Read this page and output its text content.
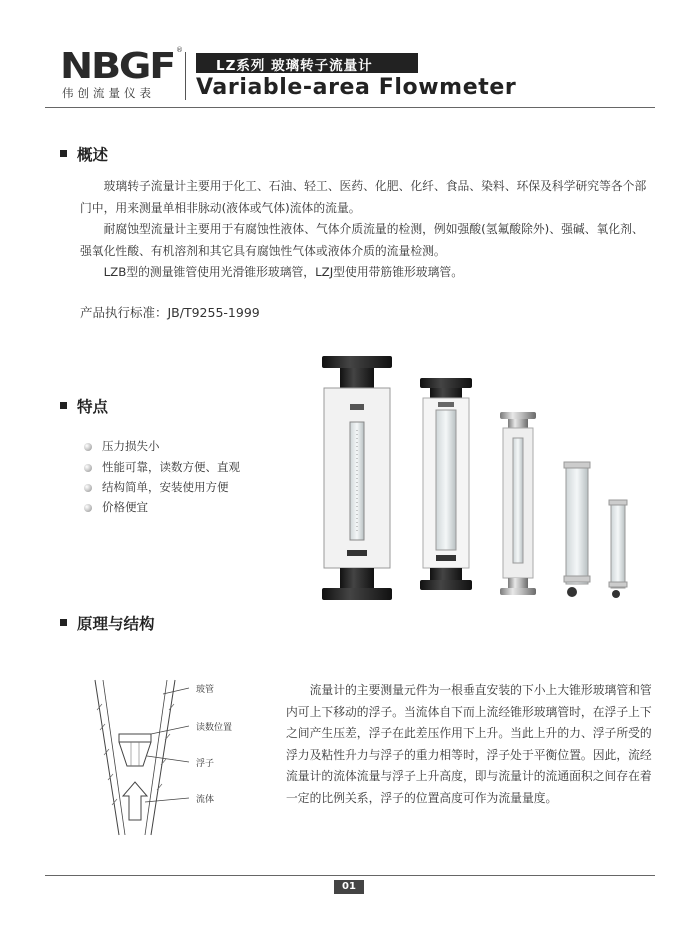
NBGF ®
伟创流量仪表
LZ系列 玻璃转子流量计
Variable-area Flowmeter
概述
玻璃转子流量计主要用于化工、石油、轻工、医药、化肥、化纤、食品、染料、环保及科学研究等各个部门中，用来测量单相非脉动(液体或气体)流体的流量。
耐腐蚀型流量计主要用于有腐蚀性液体、气体介质流量的检测，例如强酸(氢氟酸除外)、强碱、氧化剂、强氧化性酸、有机溶剂和其它具有腐蚀性气体或液体介质的流量检测。
LZB型的测量锥管使用光滑锥形玻璃管，LZJ型使用带筋锥形玻璃管。
产品执行标准：JB/T9255-1999
特点
压力损失小
性能可靠，读数方便、直观
结构简单，安装使用方便
价格便宜
原理与结构
玻管
读数位置
浮子
流体
流量计的主要测量元件为一根垂直安装的下小上大锥形玻璃管和管内可上下移动的浮子。当流体自下而上流经锥形玻璃管时，在浮子上下之间产生压差，浮子在此差压作用下上升。当此上升的力、浮子所受的浮力及粘性升力与浮子的重力相等时，浮子处于平衡位置。因此，流经流量计的流体流量与浮子上升高度，即与流量计的流通面积之间存在着一定的比例关系，浮子的位置高度可作为流量量度。
01
